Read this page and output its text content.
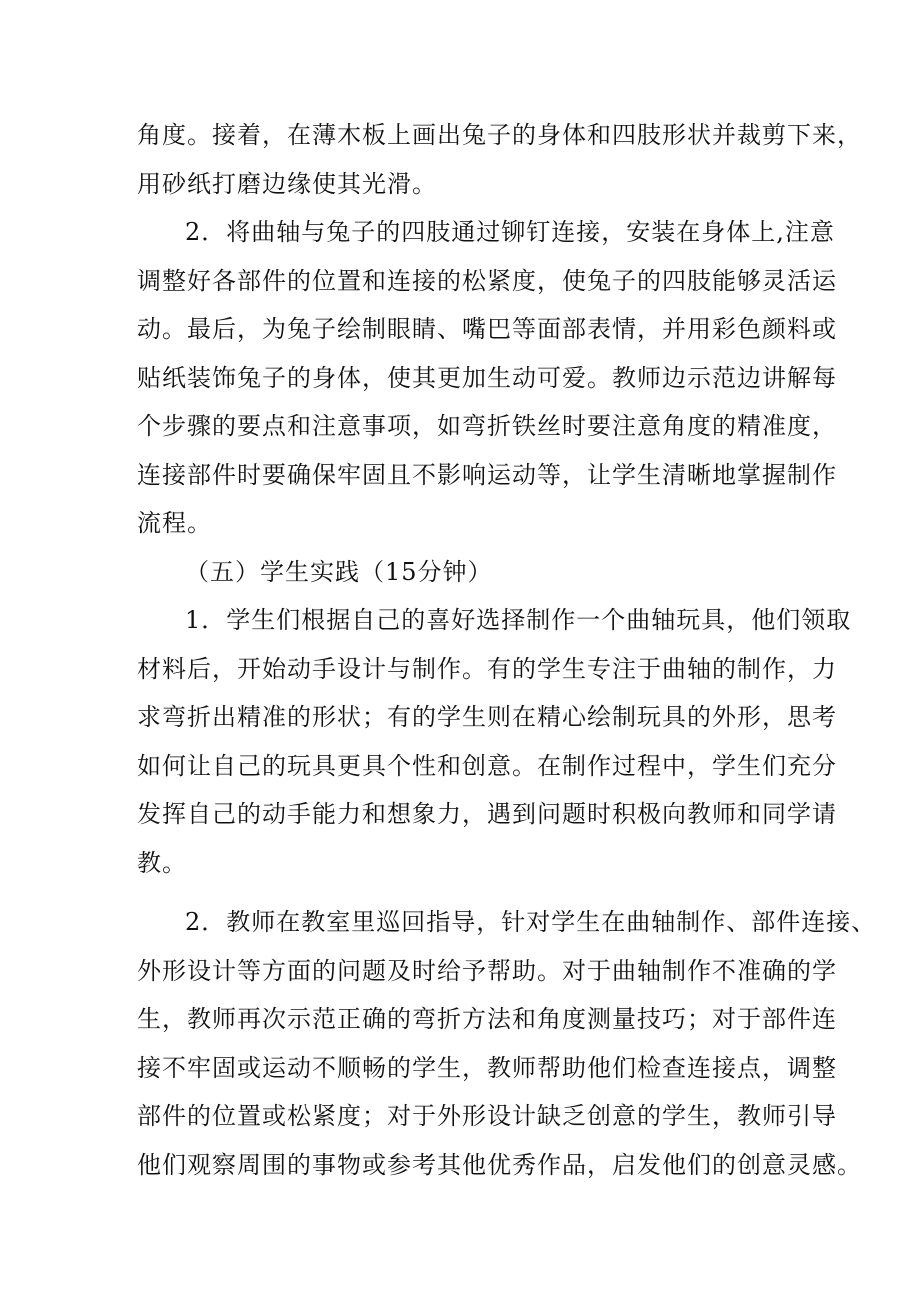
角度。接着，在薄木板上画出兔子的身体和四肢形状并裁剪下来，
用砂纸打磨边缘使其光滑。
2．将曲轴与兔子的四肢通过铆钉连接，安装在身体上,注意
调整好各部件的位置和连接的松紧度，使兔子的四肢能够灵活运
动。最后，为兔子绘制眼睛、嘴巴等面部表情，并用彩色颜料或
贴纸装饰兔子的身体，使其更加生动可爱。教师边示范边讲解每
个步骤的要点和注意事项，如弯折铁丝时要注意角度的精准度，
连接部件时要确保牢固且不影响运动等，让学生清晰地掌握制作
流程。
（五）学生实践（15分钟）
1．学生们根据自己的喜好选择制作一个曲轴玩具，他们领取
材料后，开始动手设计与制作。有的学生专注于曲轴的制作，力
求弯折出精准的形状；有的学生则在精心绘制玩具的外形，思考
如何让自己的玩具更具个性和创意。在制作过程中，学生们充分
发挥自己的动手能力和想象力，遇到问题时积极向教师和同学请
教。
2．教师在教室里巡回指导，针对学生在曲轴制作、部件连接、
外形设计等方面的问题及时给予帮助。对于曲轴制作不准确的学
生，教师再次示范正确的弯折方法和角度测量技巧；对于部件连
接不牢固或运动不顺畅的学生，教师帮助他们检查连接点，调整
部件的位置或松紧度；对于外形设计缺乏创意的学生，教师引导
他们观察周围的事物或参考其他优秀作品，启发他们的创意灵感。
